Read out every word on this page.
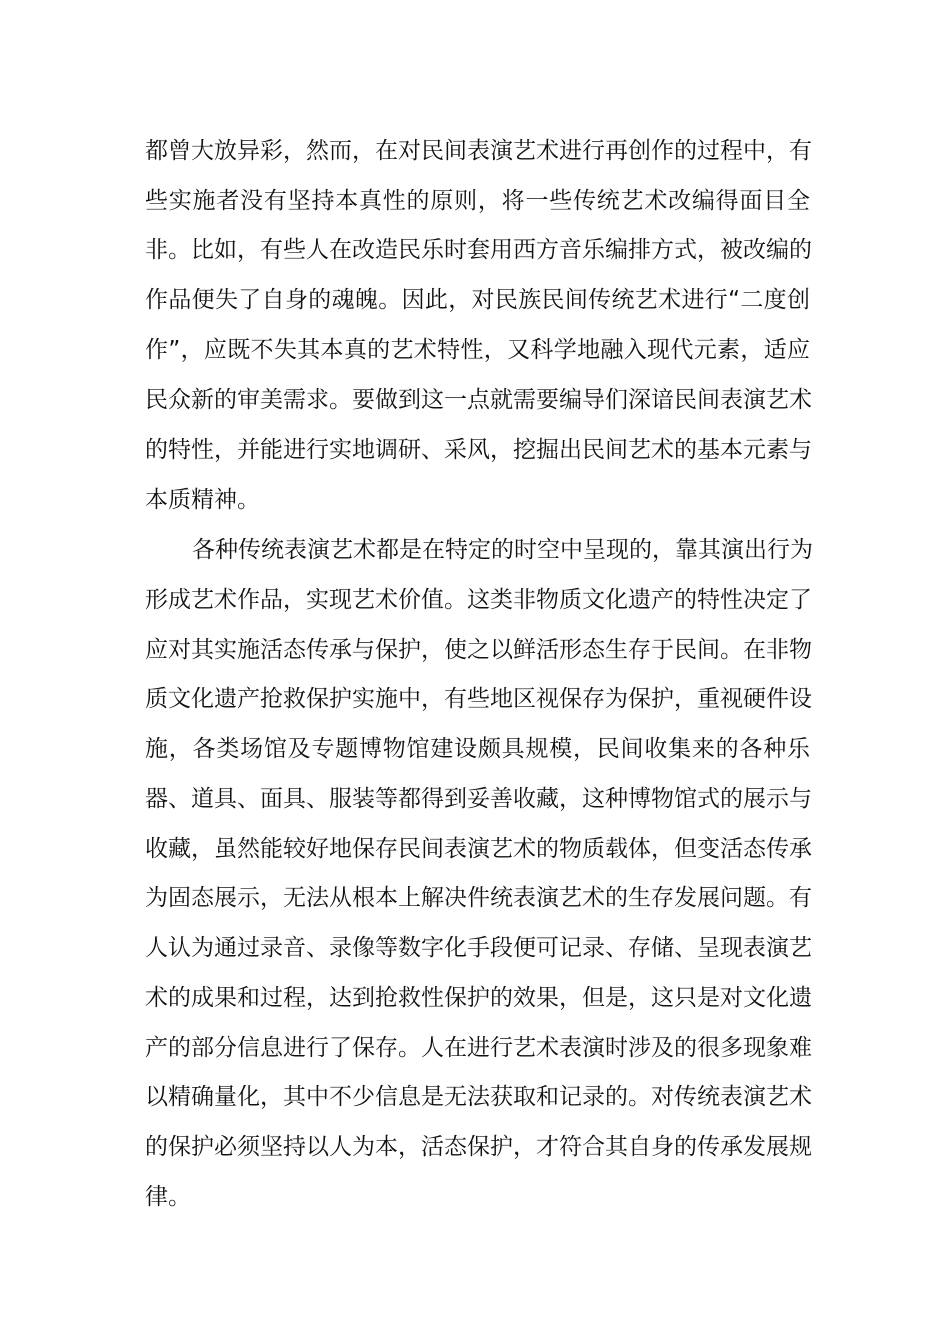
都曾大放异彩，然而，在对民间表演艺术进行再创作的过程中，有
些实施者没有坚持本真性的原则，将一些传统艺术改编得面目全
非。比如，有些人在改造民乐时套用西方音乐编排方式，被改编的
作品便失了自身的魂魄。因此，对民族民间传统艺术进行“二度创
作”，应既不失其本真的艺术特性，又科学地融入现代元素，适应
民众新的审美需求。要做到这一点就需要编导们深谙民间表演艺术
的特性，并能进行实地调研、采风，挖掘出民间艺术的基本元素与
本质精神。
各种传统表演艺术都是在特定的时空中呈现的，靠其演出行为
形成艺术作品，实现艺术价值。这类非物质文化遗产的特性决定了
应对其实施活态传承与保护，使之以鲜活形态生存于民间。在非物
质文化遗产抢救保护实施中，有些地区视保存为保护，重视硬件设
施，各类场馆及专题博物馆建设颇具规模，民间收集来的各种乐
器、道具、面具、服装等都得到妥善收藏，这种博物馆式的展示与
收藏，虽然能较好地保存民间表演艺术的物质载体，但变活态传承
为固态展示，无法从根本上解决件统表演艺术的生存发展问题。有
人认为通过录音、录像等数字化手段便可记录、存储、呈现表演艺
术的成果和过程，达到抢救性保护的效果，但是，这只是对文化遗
产的部分信息进行了保存。人在进行艺术表演时涉及的很多现象难
以精确量化，其中不少信息是无法获取和记录的。对传统表演艺术
的保护必须坚持以人为本，活态保护，才符合其自身的传承发展规
律。
